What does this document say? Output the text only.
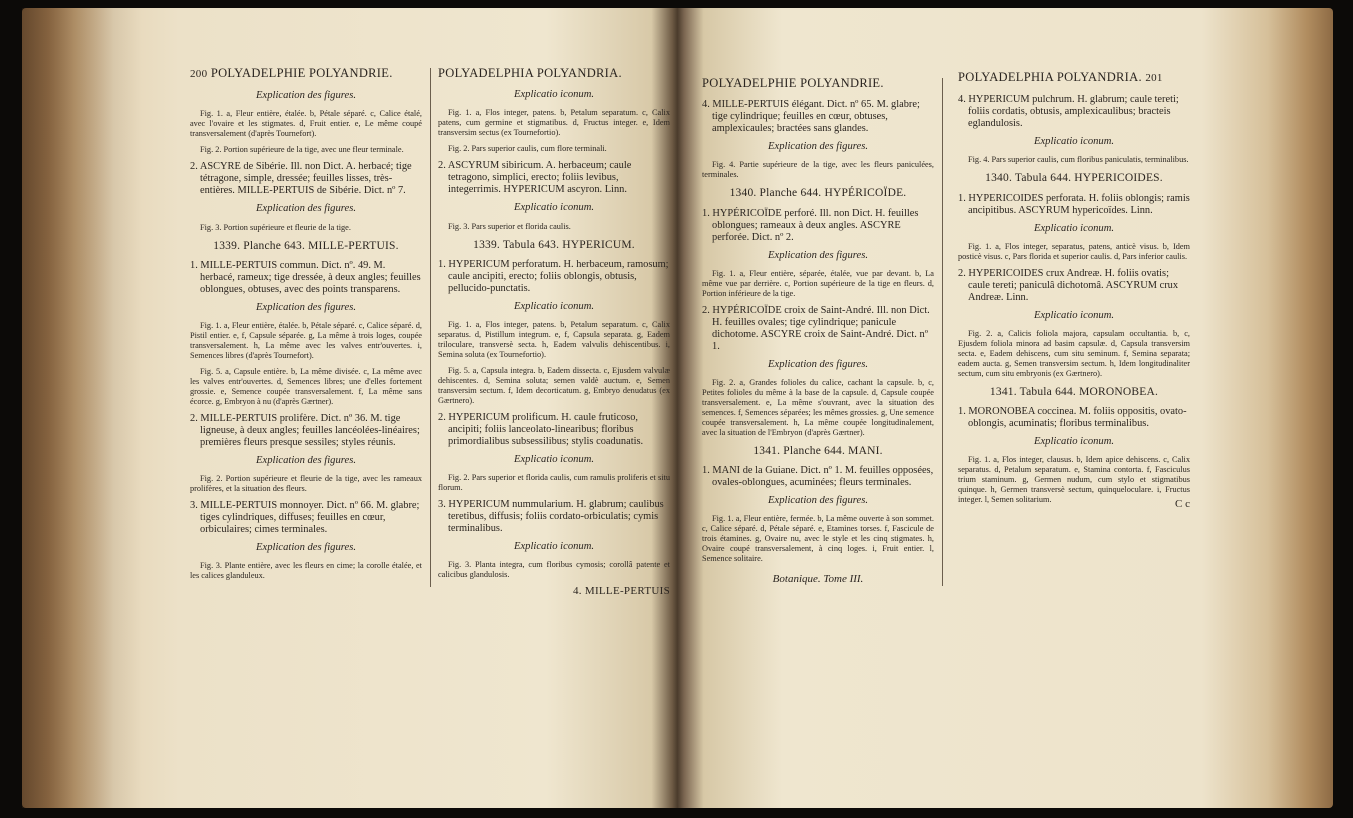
200 POLYADELPHIE POLYANDRIE.
Explication des figures.
Fig. 1. a, Fleur entière, étalée. b, Pétale séparé. c, Calice étalé, avec l'ovaire et les stigmates. d, Fruit entier. e, Le même coupé transversalement (d'après Tournefort).
Fig. 2. Portion supérieure de la tige, avec une fleur terminale.
2. ASCYRE de Sibérie. Ill. non Dict. A. herbacé; tige tétragone, simple, dressée; feuilles lisses, très-entières. MILLE-PERTUIS de Sibérie. Dict. nº 7.
Explication des figures.
Fig. 3. Portion supérieure et fleurie de la tige.
1339. Planche 643. MILLE-PERTUIS.
1. MILLE-PERTUIS commun. Dict. nº. 49. M. herbacé, rameux; tige dressée, à deux angles; feuilles oblongues, obtuses, avec des points transparens.
Explication des figures.
Fig. 1. a, Fleur entière, étalée. b, Pétale séparé. c, Calice séparé. d, Pistil entier. e, f, Capsule séparée. g, La même à trois loges, coupée transversalement. h, La même avec les valves entr'ouvertes. i, Semences libres (d'après Tournefort).
Fig. 5. a, Capsule entière. b, La même divisée. c, La même avec les valves entr'ouvertes. d, Semences libres; une d'elles fortement grossie. e, Semence coupée transversalement. f, La même sans écorce. g, Embryon à nu (d'après Gærtner).
2. MILLE-PERTUIS prolifère. Dict. nº 36. M. tige ligneuse, à deux angles; feuilles lancéolées-linéaires; premières fleurs presque sessiles; styles réunis.
Explication des figures.
Fig. 2. Portion supérieure et fleurie de la tige, avec les rameaux prolifères, et la situation des fleurs.
3. MILLE-PERTUIS monnoyer. Dict. nº 66. M. glabre; tiges cylindriques, diffuses; feuilles en cœur, orbiculaires; cimes terminales.
Explication des figures.
Fig. 3. Plante entière, avec les fleurs en cime; la corolle étalée, et les calices glanduleux.
POLYADELPHIA POLYANDRIA.
Explicatio iconum.
Fig. 1. a, Flos integer, patens. b, Petalum separatum. c, Calix patens, cum germine et stigmatibus. d, Fructus integer. e, Idem transversim sectus (ex Tournefortio).
Fig. 2. Pars superior caulis, cum flore terminali.
2. ASCYRUM sibiricum. A. herbaceum; caule tetragono, simplici, erecto; foliis levibus, integerrimis. HYPERICUM ascyron. Linn.
Explicatio iconum.
Fig. 3. Pars superior et florida caulis.
1339. Tabula 643. HYPERICUM.
1. HYPERICUM perforatum. H. herbaceum, ramosum; caule ancipiti, erecto; foliis oblongis, obtusis, pellucido-punctatis.
Explicatio iconum.
Fig. 1. a, Flos integer, patens. b, Petalum separatum. c, Calix separatus. d, Pistillum integrum. e, f, Capsula separata. g, Eadem triloculare, transversè secta. h, Eadem valvulis dehiscentibus. i, Semina soluta (ex Tournefortio).
Fig. 5. a, Capsula integra. b, Eadem dissecta. c, Ejusdem valvulæ dehiscentes. d, Semina soluta; semen valdè auctum. e, Semen transversim sectum. f, Idem decorticatum. g, Embryo denudatus (ex Gærtnero).
2. HYPERICUM prolificum. H. caule fruticoso, ancipiti; foliis lanceolato-linearibus; floribus primordialibus subsessilibus; stylis coadunatis.
Explicatio iconum.
Fig. 2. Pars superior et florida caulis, cum ramulis proliferis et situ florum.
3. HYPERICUM nummularium. H. glabrum; caulibus teretibus, diffusis; foliis cordato-orbiculatis; cymis terminalibus.
Explicatio iconum.
Fig. 3. Planta integra, cum floribus cymosis; corollâ patente et calicibus glandulosis.
4. MILLE-PERTUIS
POLYADELPHIE POLYANDRIE.
4. MILLE-PERTUIS élégant. Dict. nº 65. M. glabre; tige cylindrique; feuilles en cœur, obtuses, amplexicaules; bractées sans glandes.
Explication des figures.
Fig. 4. Partie supérieure de la tige, avec les fleurs paniculées, terminales.
1340. Planche 644. HYPÉRICOÏDE.
1. HYPÉRICOÏDE perforé. Ill. non Dict. H. feuilles oblongues; rameaux à deux angles. ASCYRE perforée. Dict. nº 2.
Explication des figures.
Fig. 1. a, Fleur entière, séparée, étalée, vue par devant. b, La même vue par derrière. c, Portion supérieure de la tige en fleurs. d, Portion inférieure de la tige.
2. HYPÉRICOÏDE croix de Saint-André. Ill. non Dict. H. feuilles ovales; tige cylindrique; panicule dichotome. ASCYRE croix de Saint-André. Dict. nº 1.
Explication des figures.
Fig. 2. a, Grandes folioles du calice, cachant la capsule. b, c, Petites folioles du même à la base de la capsule. d, Capsule coupée transversalement. e, La même s'ouvrant, avec la situation des semences. f, Semences séparées; les mêmes grossies. g, Une semence coupée transversalement. h, La même coupée longitudinalement, avec la situation de l'Embryon (d'après Gærtner).
1341. Planche 644. MANI.
1. MANI de la Guiane. Dict. nº 1. M. feuilles opposées, ovales-oblongues, acuminées; fleurs terminales.
Explication des figures.
Fig. 1. a, Fleur entière, fermée. b, La même ouverte à son sommet. c, Calice séparé. d, Pétale séparé. e, Etamines torses. f, Fascicule de trois étamines. g, Ovaire nu, avec le style et les cinq stigmates. h, Ovaire coupé transversalement, à cinq loges. i, Fruit entier. l, Semence solitaire.
Botanique. Tome III.
POLYADELPHIA POLYANDRIA. 201
4. HYPERICUM pulchrum. H. glabrum; caule tereti; foliis cordatis, obtusis, amplexicaulibus; bracteis eglandulosis.
Explicatio iconum.
Fig. 4. Pars superior caulis, cum floribus paniculatis, terminalibus.
1340. Tabula 644. HYPERICOIDES.
1. HYPERICOIDES perforata. H. foliis oblongis; ramis ancipitibus. ASCYRUM hypericoïdes. Linn.
Explicatio iconum.
Fig. 1. a, Flos integer, separatus, patens, anticè visus. b, Idem posticè visus. c, Pars florida et superior caulis. d, Pars inferior caulis.
2. HYPERICOIDES crux Andreæ. H. foliis ovatis; caule tereti; paniculâ dichotomâ. ASCYRUM crux Andreæ. Linn.
Explicatio iconum.
Fig. 2. a, Calicis foliola majora, capsulam occultantia. b, c, Ejusdem foliola minora ad basim capsulæ. d, Capsula transversim secta. e, Eadem dehiscens, cum situ seminum. f, Semina separata; eadem aucta. g, Semen transversim sectum. h, Idem longitudinaliter sectum, cum situ embryonis (ex Gærtnero).
1341. Tabula 644. MORONOBEA.
1. MORONOBEA coccinea. M. foliis oppositis, ovato-oblongis, acuminatis; floribus terminalibus.
Explicatio iconum.
Fig. 1. a, Flos integer, clausus. b, Idem apice dehiscens. c, Calix separatus. d, Petalum separatum. e, Stamina contorta. f, Fasciculus trium staminum. g, Germen nudum, cum stylo et stigmatibus quinque. h, Germen transversè sectum, quinqueloculare. i, Fructus integer. l, Semen solitarium.	C c
